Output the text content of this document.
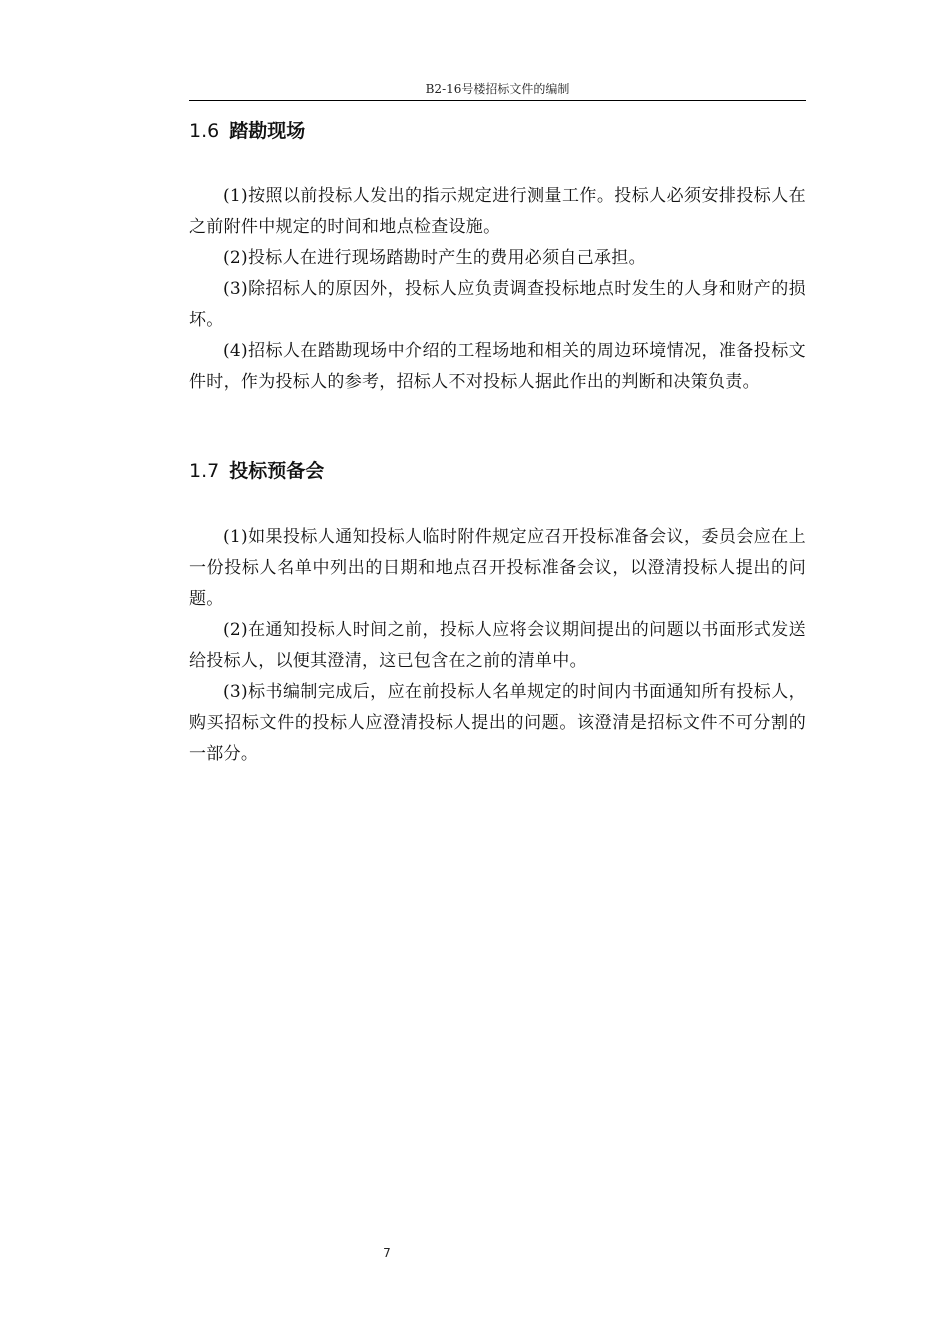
B2-16号楼招标文件的编制
1.6 踏勘现场

(1)按照以前投标人发出的指示规定进行测量工作。投标人必须安排投标人在之前附件中规定的时间和地点检查设施。

(2)投标人在进行现场踏勘时产生的费用必须自己承担。

(3)除招标人的原因外，投标人应负责调查投标地点时发生的人身和财产的损坏。

(4)招标人在踏勘现场中介绍的工程场地和相关的周边环境情况，准备投标文件时，作为投标人的参考，招标人不对投标人据此作出的判断和决策负责。

1.7 投标预备会

(1)如果投标人通知投标人临时附件规定应召开投标准备会议，委员会应在上一份投标人名单中列出的日期和地点召开投标准备会议，以澄清投标人提出的问题。

(2)在通知投标人时间之前，投标人应将会议期间提出的问题以书面形式发送给投标人，以便其澄清，这已包含在之前的清单中。

(3)标书编制完成后，应在前投标人名单规定的时间内书面通知所有投标人，购买招标文件的投标人应澄清投标人提出的问题。该澄清是招标文件不可分割的一部分。

7
